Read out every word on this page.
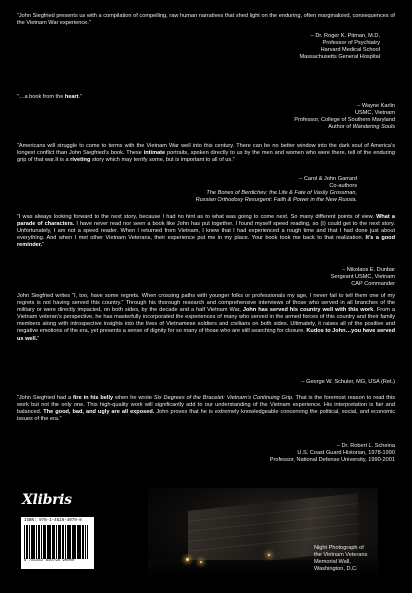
“John Siegfried presents us with a compilation of compelling, raw human narratives that shed light on the enduring, often marginalized, consequences of the Vietnam War experience.”

– Dr. Roger K. Pitman, M.D.
Professor of Psychiatry
Harvard Medical School
Massachusetts General Hospital

“…a book from the heart.”

– Wayne Karlin
USMC, Vietnam
Professor, College of Southern Maryland
Author of Wandering Souls

“Americans will struggle to come to terms with the Vietnam War well into this century. There can be no better window into the dark soul of America’s longest conflict than John Siegfried’s book. These intimate portraits, spoken directly to us by the men and women who were there, tell of the enduring grip of that war.It is a riveting story which may terrify some, but is important to all of us.”

– Carol & John Garrard
Co-authors
The Bones of Berdichev: the Life & Fate of Vasily Grossman,
Russian Orthodoxy Resurgent: Faith & Power in the New Russia.

“I was always looking forward to the next story, because I had no hint as to what was going to come next. So many different points of view. What a parade of characters. I have never read nor seen a book like John has put together. I found myself speed reading, so (I) could get to the next story. Unfortunately, I am not a speed reader. When I returned from Vietnam, I knew that I had experienced a rough time and that I had done just about everything. And when I met other Vietnam Veterans, their experience put me in my place. Your book took me back to that realization. It’s a good reminder.”

– Nikolaos E. Dunbar
Sergeant USMC, Vietnam
CAP Commander

John Siegfried writes “I, too, have some regrets. When crossing paths with younger folks or professionals my age, I never fail to tell them one of my regrets is not having served this country.” Through his thorough research and comprehensive interviews of those who served in all branches of the military or were directly impacted, on both sides, by the decade and a half Vietnam War, John has served his country well with this work. From a Vietnam veteran’s perspective, he has masterfully incorporated the experiences of many who served in the armed forces of this country and their family members along with introspective insights into the lives of Vietnamese soldiers and civilians on both sides. Ultimately, it raises all of the positive and negative emotions of the era, yet presents a sense of dignity for so many of those who are still searching for closure. Kudos to John…you have served us well.”

– George W. Schuler, MG, USA (Ret.)

“John Siegfried had a fire in his belly when he wrote Six Degrees of the Bracelet: Vietnam’s Continuing Grip. That is the foremost reason to read this work but not the only one. This high-quality work will significantly add to our understanding of the Vietnam experience. His interpretation is fair and balanced. The good, bad, and ugly are all exposed. John proves that he is extremely knowledgeable concerning the political, social, and economic issues of the era.”

– Dr. Robert L. Scheina
U.S. Coast Guard Historian, 1978-1990
Professor, National Defense University, 1990-2001
Xlibris
ISBN: 978-1-4628-4079-8
9 781462 840798 90000
Night Photograph of
the Vietnam Veterans
Memorial Wall,
Washington, D.C.
